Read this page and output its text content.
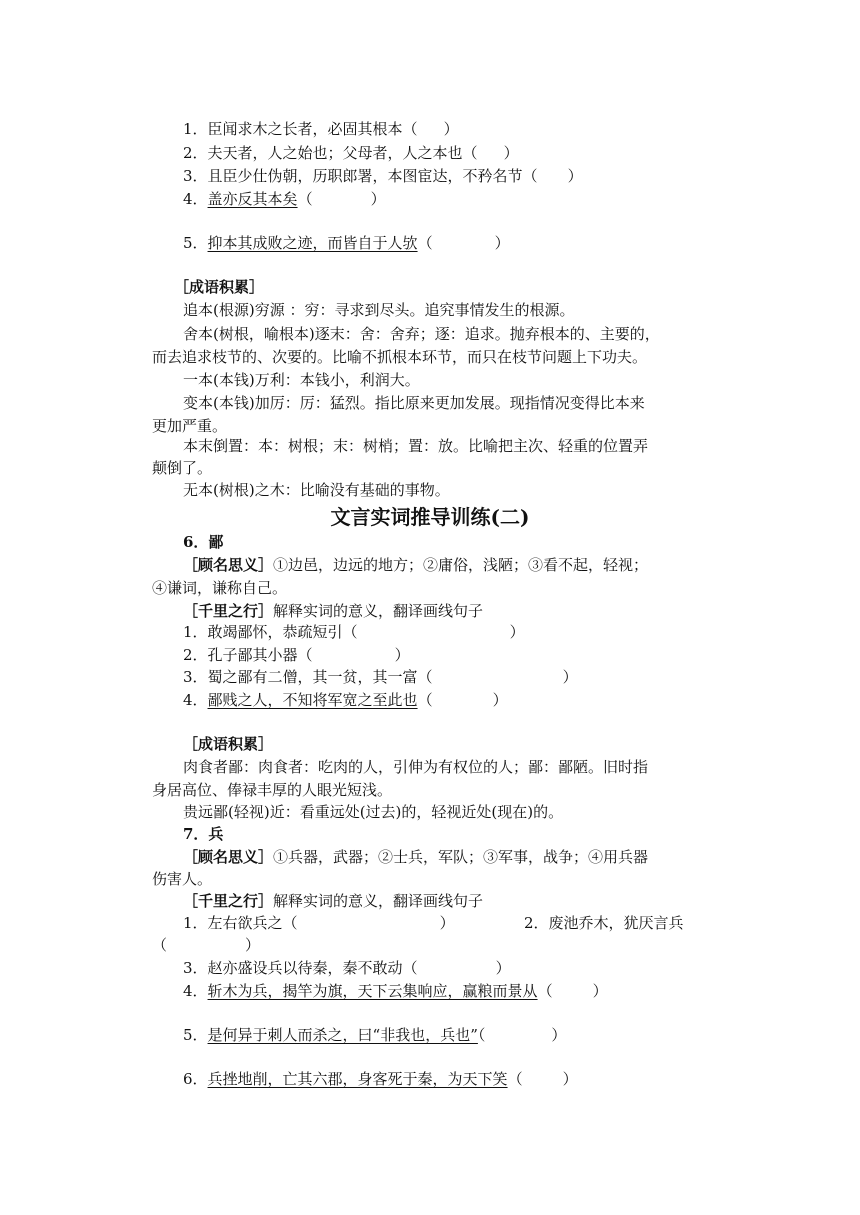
1．臣闻求木之长者，必固其根本（ ）
2．夫天者，人之始也；父母者，人之本也（ ）
3．且臣少仕伪朝，历职郎署，本图宦达，不矜名节（ ）
4．盖亦反其本矣（	）
5．抑本其成败之迹，而皆自于人欤（	）
［成语积累］
追本(根源)穷源 ：穷：寻求到尽头。追究事情发生的根源。
舍本(树根，喻根本)逐末：舍：舍弃；逐：追求。抛弃根本的、主要的，
而去追求枝节的、次要的。比喻不抓根本环节，而只在枝节问题上下功夫。
一本(本钱)万利：本钱小，利润大。
变本(本钱)加厉：厉：猛烈。指比原来更加发展。现指情况变得比本来
更加严重。
本末倒置：本：树根；末：树梢；置：放。比喻把主次、轻重的位置弄
颠倒了。
无本(树根)之木：比喻没有基础的事物。
文言实词推导训练(二)
6．鄙
［顾名思义］①边邑，边远的地方；②庸俗，浅陋；③看不起，轻视；
④谦词，谦称自己。
［千里之行］解释实词的意义，翻译画线句子
1．敢竭鄙怀，恭疏短引（	）
2．孔子鄙其小器（	）
3．蜀之鄙有二僧，其一贫，其一富（	）
4．鄙贱之人，不知将军宽之至此也（	）
［成语积累］
肉食者鄙：肉食者：吃肉的人，引伸为有权位的人；鄙：鄙陋。旧时指
身居高位、俸禄丰厚的人眼光短浅。
贵远鄙(轻视)近：看重远处(过去)的，轻视近处(现在)的。
7．兵
［顾名思义］①兵器，武器；②士兵，军队；③军事，战争；④用兵器
伤害人。
［千里之行］解释实词的意义，翻译画线句子
1．左右欲兵之（	）	2．废池乔木，犹厌言兵
（	）
3．赵亦盛设兵以待秦，秦不敢动（	）
4．斩木为兵，揭竿为旗，天下云集响应，赢粮而景从（	）
5．是何异于刺人而杀之，曰“非我也，兵也”（	）
6．兵挫地削，亡其六郡，身客死于秦，为天下笑（	）
